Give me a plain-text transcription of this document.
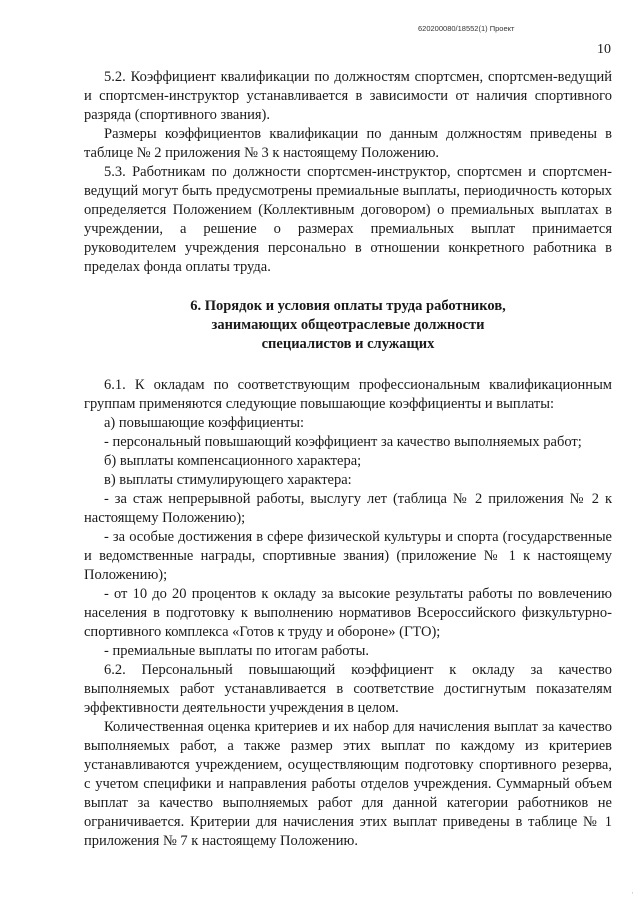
620200080/18552(1) Проект
10

5.2. Коэффициент квалификации по должностям спортсмен, спортсмен-ведущий и спортсмен-инструктор устанавливается в зависимости от наличия спортивного разряда (спортивного звания).

Размеры коэффициентов квалификации по данным должностям приведены в таблице № 2 приложения № 3 к настоящему Положению.

5.3. Работникам по должности спортсмен-инструктор, спортсмен и спортсмен-ведущий могут быть предусмотрены премиальные выплаты, периодичность которых определяется Положением (Коллективным договором) о премиальных выплатах в учреждении, а решение о размерах премиальных выплат принимается руководителем учреждения персонально в отношении конкретного работника в пределах фонда оплаты труда.

6. Порядок и условия оплаты труда работников,
занимающих общеотраслевые должности
специалистов и служащих

6.1. К окладам по соответствующим профессиональным квалификационным группам применяются следующие повышающие коэффициенты и выплаты:

а) повышающие коэффициенты:

- персональный повышающий коэффициент за качество выполняемых работ;

б) выплаты компенсационного характера;

в) выплаты стимулирующего характера:

- за стаж непрерывной работы, выслугу лет (таблица № 2 приложения № 2 к настоящему Положению);

- за особые достижения в сфере физической культуры и спорта (государственные и ведомственные награды, спортивные звания) (приложение № 1 к настоящему Положению);

- от 10 до 20 процентов к окладу за высокие результаты работы по вовлечению населения в подготовку к выполнению нормативов Всероссийского физкультурно-спортивного комплекса «Готов к труду и обороне» (ГТО);

- премиальные выплаты по итогам работы.

6.2. Персональный повышающий коэффициент к окладу за качество выполняемых работ устанавливается в соответствие достигнутым показателям эффективности деятельности учреждения в целом.

Количественная оценка критериев и их набор для начисления выплат за качество выполняемых работ, а также размер этих выплат по каждому из критериев устанавливаются учреждением, осуществляющим подготовку спортивного резерва, с учетом специфики и направления работы отделов учреждения. Суммарный объем выплат за качество выполняемых работ для данной категории работников не ограничивается. Критерии для начисления этих выплат приведены в таблице № 1 приложения № 7 к настоящему Положению.

·
